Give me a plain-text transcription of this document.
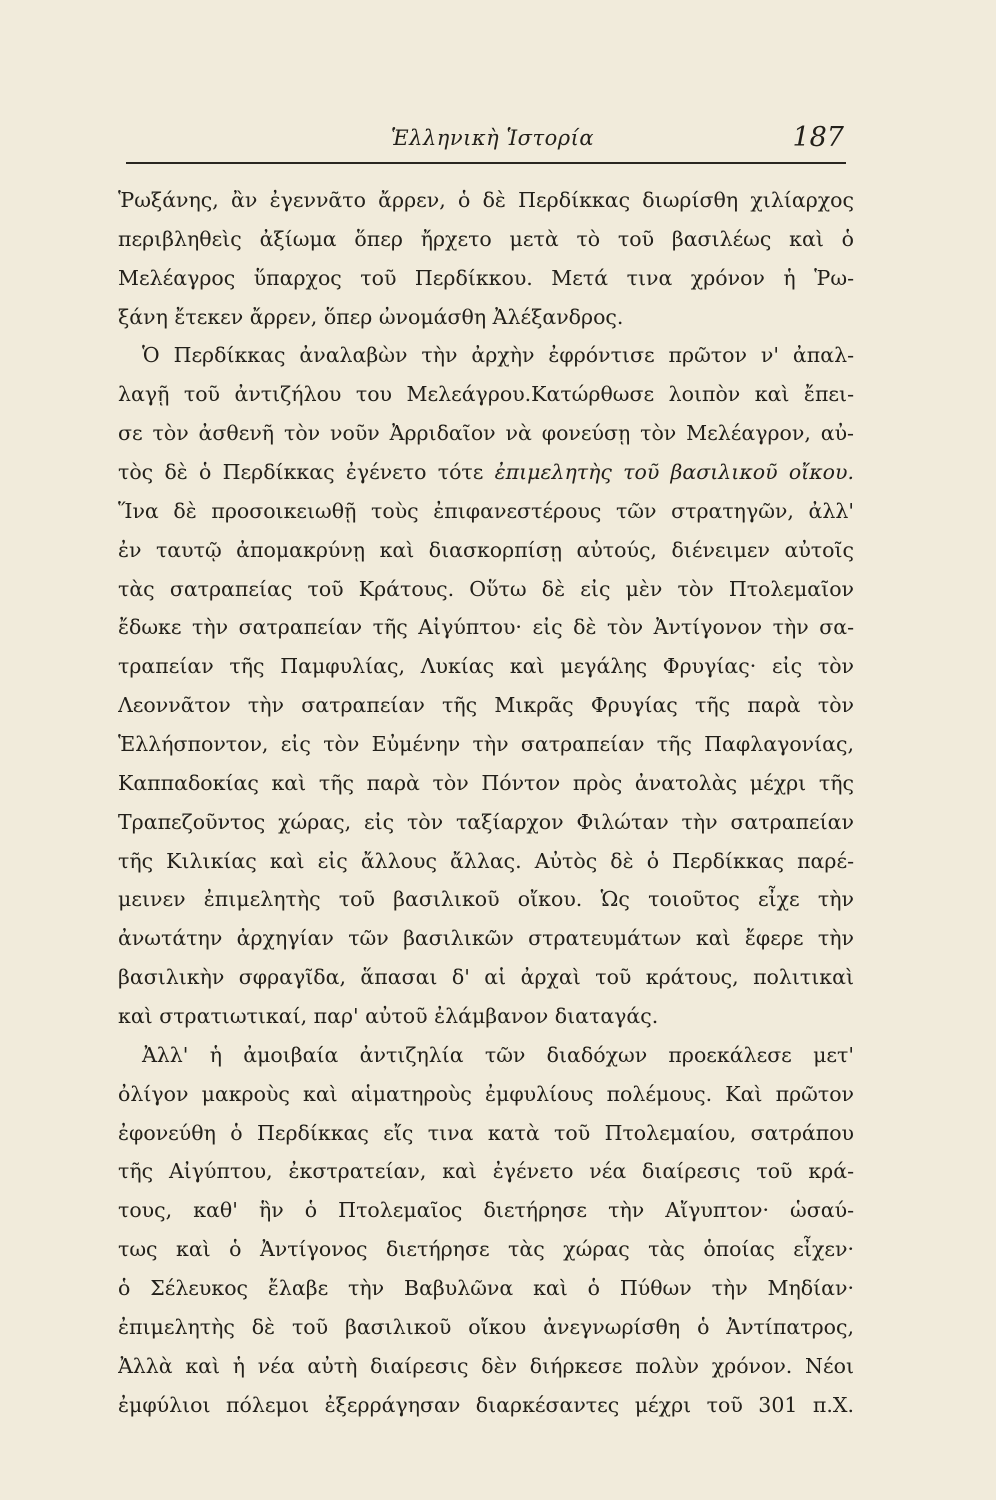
Ἑλληνικὴ Ἱστορία	187
Ῥωξάνης, ἂν ἐγεννᾶτο ἄρρεν, ὁ δὲ Περδίκκας διωρίσθη χιλίαρχος
περιβληθεὶς ἀξίωμα ὅπερ ἤρχετο μετὰ τὸ τοῦ βασιλέως καὶ ὁ
Μελέαγρος ὕπαρχος τοῦ Περδίκκου. Μετά τινα χρόνον ἡ Ῥω-
ξάνη ἔτεκεν ἄρρεν, ὅπερ ὠνομάσθη Ἀλέξανδρος.
Ὁ Περδίκκας ἀναλαβὼν τὴν ἀρχὴν ἐφρόντισε πρῶτον ν' ἀπαλ-
λαγῇ τοῦ ἀντιζήλου του Μελεάγρου.Κατώρθωσε λοιπὸν καὶ ἔπει-
σε τὸν ἀσθενῆ τὸν νοῦν Ἀρριδαῖον νὰ φονεύσῃ τὸν Μελέαγρον, αὐ-
τὸς δὲ ὁ Περδίκκας ἐγένετο τότε ἐπιμελητὴς τοῦ βασιλικοῦ οἴκου.
Ἵνα δὲ προσοικειωθῇ τοὺς ἐπιφανεστέρους τῶν στρατηγῶν, ἀλλ'
ἐν ταυτῷ ἀπομακρύνῃ καὶ διασκορπίσῃ αὐτούς, διένειμεν αὐτοῖς
τὰς σατραπείας τοῦ Κράτους. Οὕτω δὲ εἰς μὲν τὸν Πτολεμαῖον
ἔδωκε τὴν σατραπείαν τῆς Αἰγύπτου· εἰς δὲ τὸν Ἀντίγονον τὴν σα-
τραπείαν τῆς Παμφυλίας, Λυκίας καὶ μεγάλης Φρυγίας· εἰς τὸν
Λεοννᾶτον τὴν σατραπείαν τῆς Μικρᾶς Φρυγίας τῆς παρὰ τὸν
Ἑλλήσποντον, εἰς τὸν Εὐμένην τὴν σατραπείαν τῆς Παφλαγονίας,
Καππαδοκίας καὶ τῆς παρὰ τὸν Πόντον πρὸς ἀνατολὰς μέχρι τῆς
Τραπεζοῦντος χώρας, εἰς τὸν ταξίαρχον Φιλώταν τὴν σατραπείαν
τῆς Κιλικίας καὶ εἰς ἄλλους ἄλλας. Αὐτὸς δὲ ὁ Περδίκκας παρέ-
μεινεν ἐπιμελητὴς τοῦ βασιλικοῦ οἴκου. Ὡς τοιοῦτος εἶχε τὴν
ἀνωτάτην ἀρχηγίαν τῶν βασιλικῶν στρατευμάτων καὶ ἔφερε τὴν
βασιλικὴν σφραγῖδα, ἅπασαι δ' αἱ ἀρχαὶ τοῦ κράτους, πολιτικαὶ
καὶ στρατιωτικαί, παρ' αὐτοῦ ἐλάμβανον διαταγάς.
Ἀλλ' ἡ ἀμοιβαία ἀντιζηλία τῶν διαδόχων προεκάλεσε μετ'
ὀλίγον μακροὺς καὶ αἱματηροὺς ἐμφυλίους πολέμους. Καὶ πρῶτον
ἐφονεύθη ὁ Περδίκκας εἴς τινα κατὰ τοῦ Πτολεμαίου, σατράπου
τῆς Αἰγύπτου, ἐκστρατείαν, καὶ ἐγένετο νέα διαίρεσις τοῦ κρά-
τους, καθ' ἣν ὁ Πτολεμαῖος διετήρησε τὴν Αἴγυπτον· ὡσαύ-
τως καὶ ὁ Ἀντίγονος διετήρησε τὰς χώρας τὰς ὁποίας εἶχεν·
ὁ Σέλευκος ἔλαβε τὴν Βαβυλῶνα καὶ ὁ Πύθων τὴν Μηδίαν·
ἐπιμελητὴς δὲ τοῦ βασιλικοῦ οἴκου ἀνεγνωρίσθη ὁ Ἀντίπατρος,
Ἀλλὰ καὶ ἡ νέα αὐτὴ διαίρεσις δὲν διήρκεσε πολὺν χρόνον. Νέοι
ἐμφύλιοι πόλεμοι ἐξερράγησαν διαρκέσαντες μέχρι τοῦ 301 π.Χ.
